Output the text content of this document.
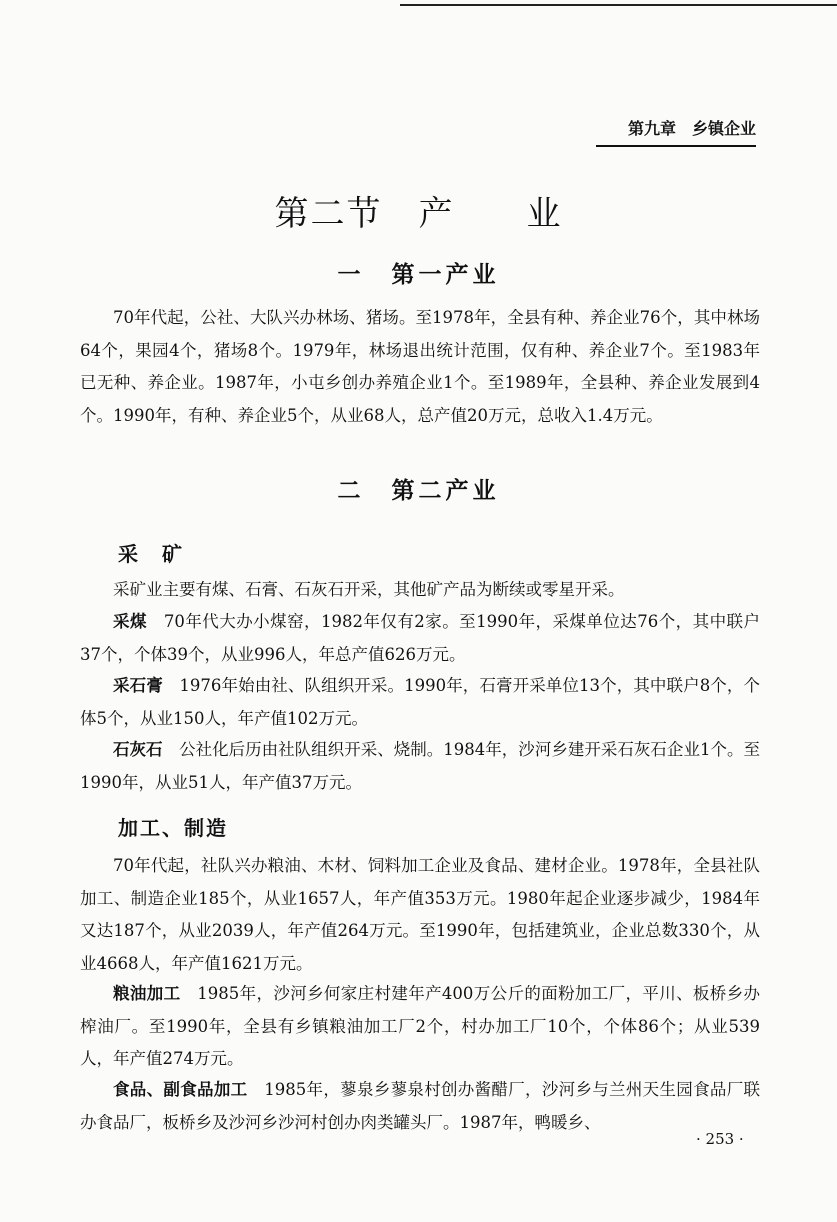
第九章　乡镇企业
第二节　产　　业
一　第一产业

70年代起，公社、大队兴办林场、猪场。至1978年，全县有种、养企业76个，其中林场64个，果园4个，猪场8个。1979年，林场退出统计范围，仅有种、养企业7个。至1983年已无种、养企业。1987年，小屯乡创办养殖企业1个。至1989年，全县种、养企业发展到4个。1990年，有种、养企业5个，从业68人，总产值20万元，总收入1.4万元。

二　第二产业
采　矿

采矿业主要有煤、石膏、石灰石开采，其他矿产品为断续或零星开采。

采煤　70年代大办小煤窑，1982年仅有2家。至1990年，采煤单位达76个，其中联户37个，个体39个，从业996人，年总产值626万元。

采石膏　1976年始由社、队组织开采。1990年，石膏开采单位13个，其中联户8个，个体5个，从业150人，年产值102万元。

石灰石　公社化后历由社队组织开采、烧制。1984年，沙河乡建开采石灰石企业1个。至1990年，从业51人，年产值37万元。

加工、制造

70年代起，社队兴办粮油、木材、饲料加工企业及食品、建材企业。1978年，全县社队加工、制造企业185个，从业1657人，年产值353万元。1980年起企业逐步减少，1984年又达187个，从业2039人，年产值264万元。至1990年，包括建筑业，企业总数330个，从业4668人，年产值1621万元。

粮油加工　1985年，沙河乡何家庄村建年产400万公斤的面粉加工厂，平川、板桥乡办榨油厂。至1990年，全县有乡镇粮油加工厂2个，村办加工厂10个，个体86个；从业539人，年产值274万元。

食品、副食品加工　1985年，蓼泉乡蓼泉村创办酱醋厂，沙河乡与兰州天生园食品厂联办食品厂，板桥乡及沙河乡沙河村创办肉类罐头厂。1987年，鸭暖乡、

· 253 ·
